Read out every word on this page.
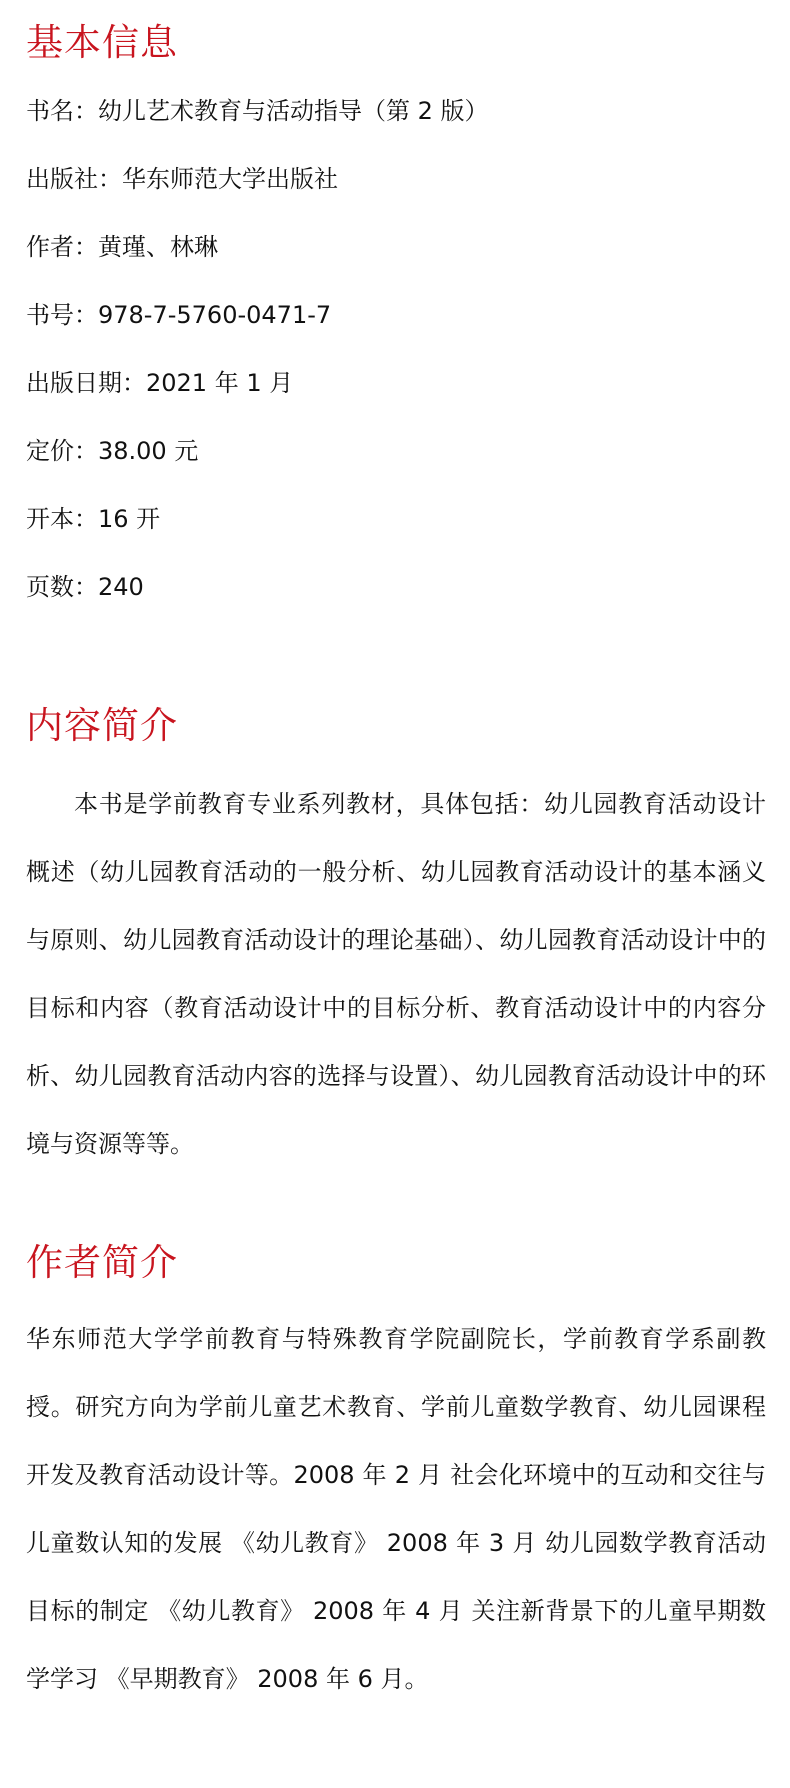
基本信息
书名：幼儿艺术教育与活动指导（第 2 版）
出版社：华东师范大学出版社
作者：黄瑾、林琳
书号：978-7-5760-0471-7
出版日期：2021 年 1 月
定价：38.00 元
开本：16 开
页数：240
内容简介

本书是学前教育专业系列教材，具体包括：幼儿园教育活动设计概述（幼儿园教育活动的一般分析、幼儿园教育活动设计的基本涵义与原则、幼儿园教育活动设计的理论基础）、幼儿园教育活动设计中的目标和内容（教育活动设计中的目标分析、教育活动设计中的内容分析、幼儿园教育活动内容的选择与设置）、幼儿园教育活动设计中的环境与资源等等。

作者简介

华东师范大学学前教育与特殊教育学院副院长，学前教育学系副教授。研究方向为学前儿童艺术教育、学前儿童数学教育、幼儿园课程开发及教育活动设计等。2008 年 2 月 社会化环境中的互动和交往与儿童数认知的发展 《幼儿教育》 2008 年 3 月 幼儿园数学教育活动目标的制定 《幼儿教育》 2008 年 4 月 关注新背景下的儿童早期数学学习 《早期教育》 2008 年 6 月。
